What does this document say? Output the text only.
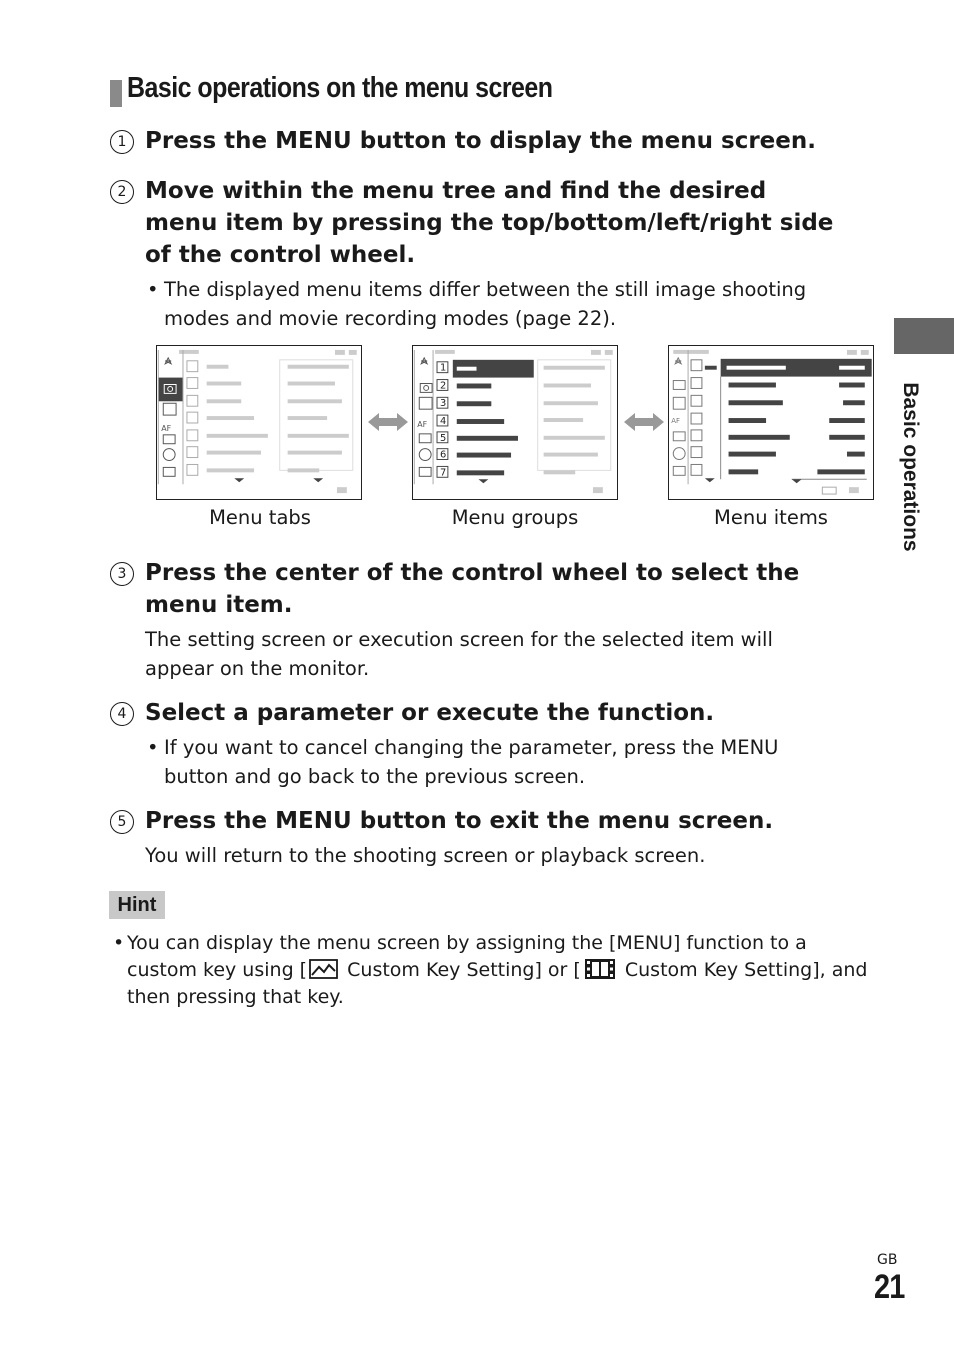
Basic operations on the menu screen
1 Press the MENU button to display the menu screen.
2 Move within the menu tree and find the desired menu item by pressing the top/bottom/left/right side of the control wheel.
• The displayed menu items differ between the still image shooting modes and movie recording modes (page 22).
AF	AF
1
2
3
4
5
6
7
AF
Menu tabs	Menu groups	Menu items
3 Press the center of the control wheel to select the menu item.
The setting screen or execution screen for the selected item will appear on the monitor.
4 Select a parameter or execute the function.
• If you want to cancel changing the parameter, press the MENU button and go back to the previous screen.
5 Press the MENU button to exit the menu screen.
You will return to the shooting screen or playback screen.
Hint
• You can display the menu screen by assigning the [MENU] function to a custom key using [ Custom Key Setting] or [ Custom Key Setting], and then pressing that key.
Basic operations
GB
21
